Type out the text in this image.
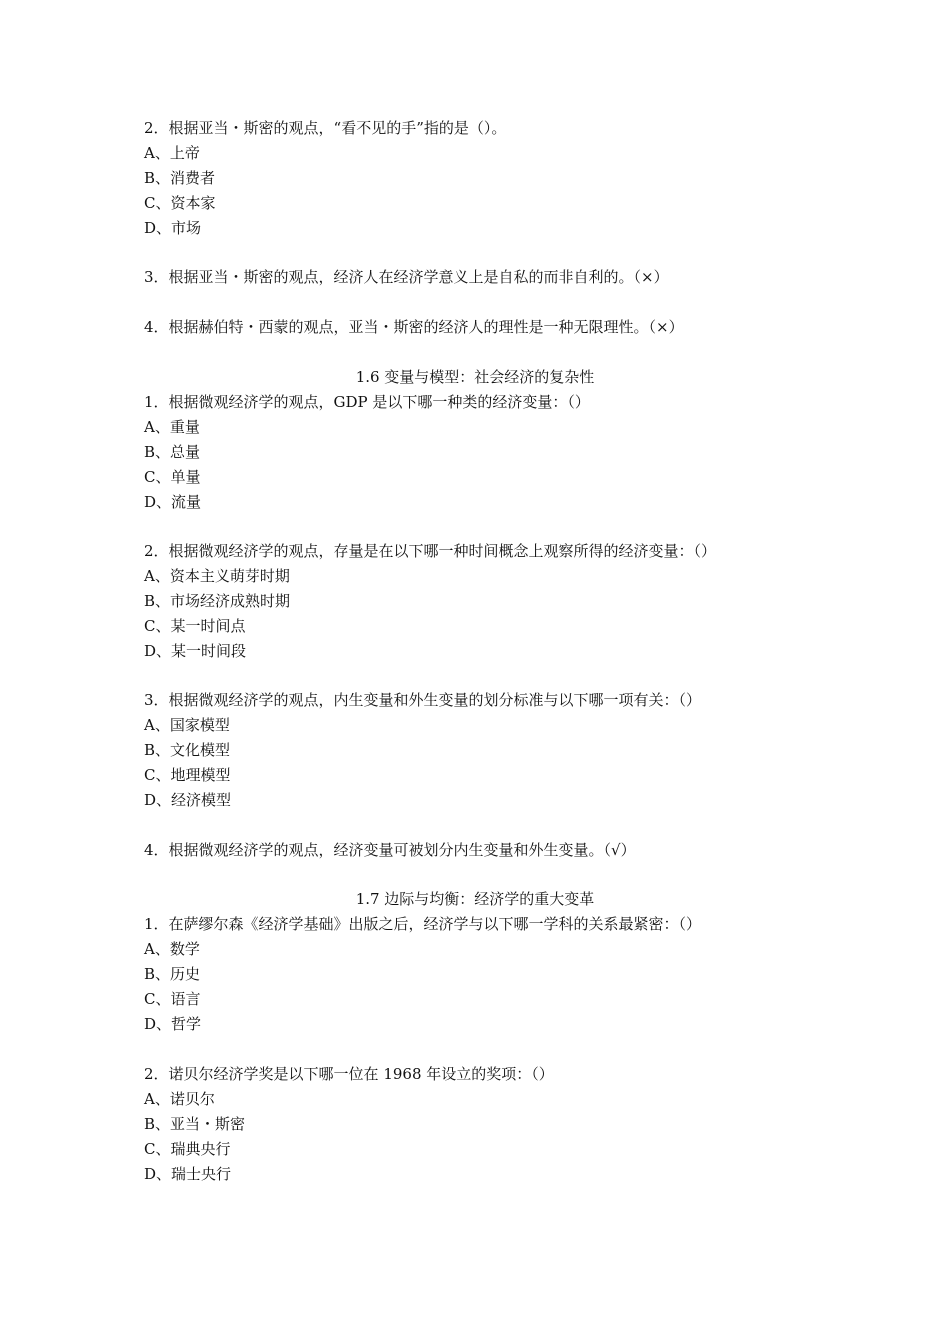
2．根据亚当・斯密的观点，“看不见的手”指的是（）。
A、上帝
B、消费者
C、资本家
D、市场
3．根据亚当・斯密的观点，经济人在经济学意义上是自私的而非自利的。（×）
4．根据赫伯特・西蒙的观点，亚当・斯密的经济人的理性是一种无限理性。（×）
1.6 变量与模型：社会经济的复杂性
1．根据微观经济学的观点，GDP 是以下哪一种类的经济变量：（）
A、重量
B、总量
C、单量
D、流量
2．根据微观经济学的观点，存量是在以下哪一种时间概念上观察所得的经济变量：（）
A、资本主义萌芽时期
B、市场经济成熟时期
C、某一时间点
D、某一时间段
3．根据微观经济学的观点，内生变量和外生变量的划分标准与以下哪一项有关：（）
A、国家模型
B、文化模型
C、地理模型
D、经济模型
4．根据微观经济学的观点，经济变量可被划分内生变量和外生变量。（√）
1.7 边际与均衡：经济学的重大变革
1．在萨缪尔森《经济学基础》出版之后，经济学与以下哪一学科的关系最紧密：（）
A、数学
B、历史
C、语言
D、哲学
2．诺贝尔经济学奖是以下哪一位在 1968 年设立的奖项：（）
A、诺贝尔
B、亚当・斯密
C、瑞典央行
D、瑞士央行
